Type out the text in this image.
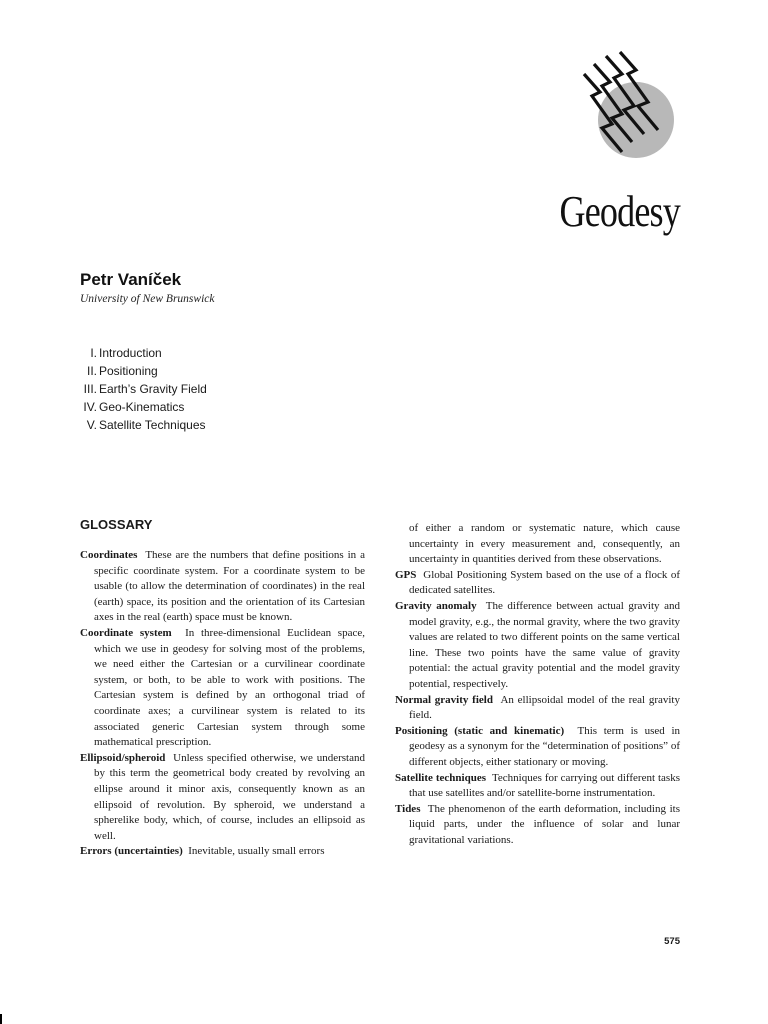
Geodesy
Petr Vaníček
University of New Brunswick
I. Introduction
II. Positioning
III. Earth’s Gravity Field
IV. Geo-Kinematics
V. Satellite Techniques
GLOSSARY

Coordinates These are the numbers that define positions in a specific coordinate system. For a coordinate system to be usable (to allow the determination of coordinates) in the real (earth) space, its position and the orientation of its Cartesian axes in the real (earth) space must be known.

Coordinate system In three-dimensional Euclidean space, which we use in geodesy for solving most of the problems, we need either the Cartesian or a curvilinear coordinate system, or both, to be able to work with positions. The Cartesian system is defined by an orthogonal triad of coordinate axes; a curvilinear system is related to its associated generic Cartesian system through some mathematical prescription.

Ellipsoid/spheroid Unless specified otherwise, we understand by this term the geometrical body created by revolving an ellipse around it minor axis, consequently known as an ellipsoid of revolution. By spheroid, we understand a spherelike body, which, of course, includes an ellipsoid as well.

Errors (uncertainties) Inevitable, usually small errors

of either a random or systematic nature, which cause uncertainty in every measurement and, consequently, an uncertainty in quantities derived from these observations.

GPS Global Positioning System based on the use of a flock of dedicated satellites.

Gravity anomaly The difference between actual gravity and model gravity, e.g., the normal gravity, where the two gravity values are related to two different points on the same vertical line. These two points have the same value of gravity potential: the actual gravity potential and the model gravity potential, respectively.

Normal gravity field An ellipsoidal model of the real gravity field.

Positioning (static and kinematic) This term is used in geodesy as a synonym for the “determination of positions” of different objects, either stationary or moving.

Satellite techniques Techniques for carrying out different tasks that use satellites and/or satellite-borne instrumentation.

Tides The phenomenon of the earth deformation, including its liquid parts, under the influence of solar and lunar gravitational variations.

575
